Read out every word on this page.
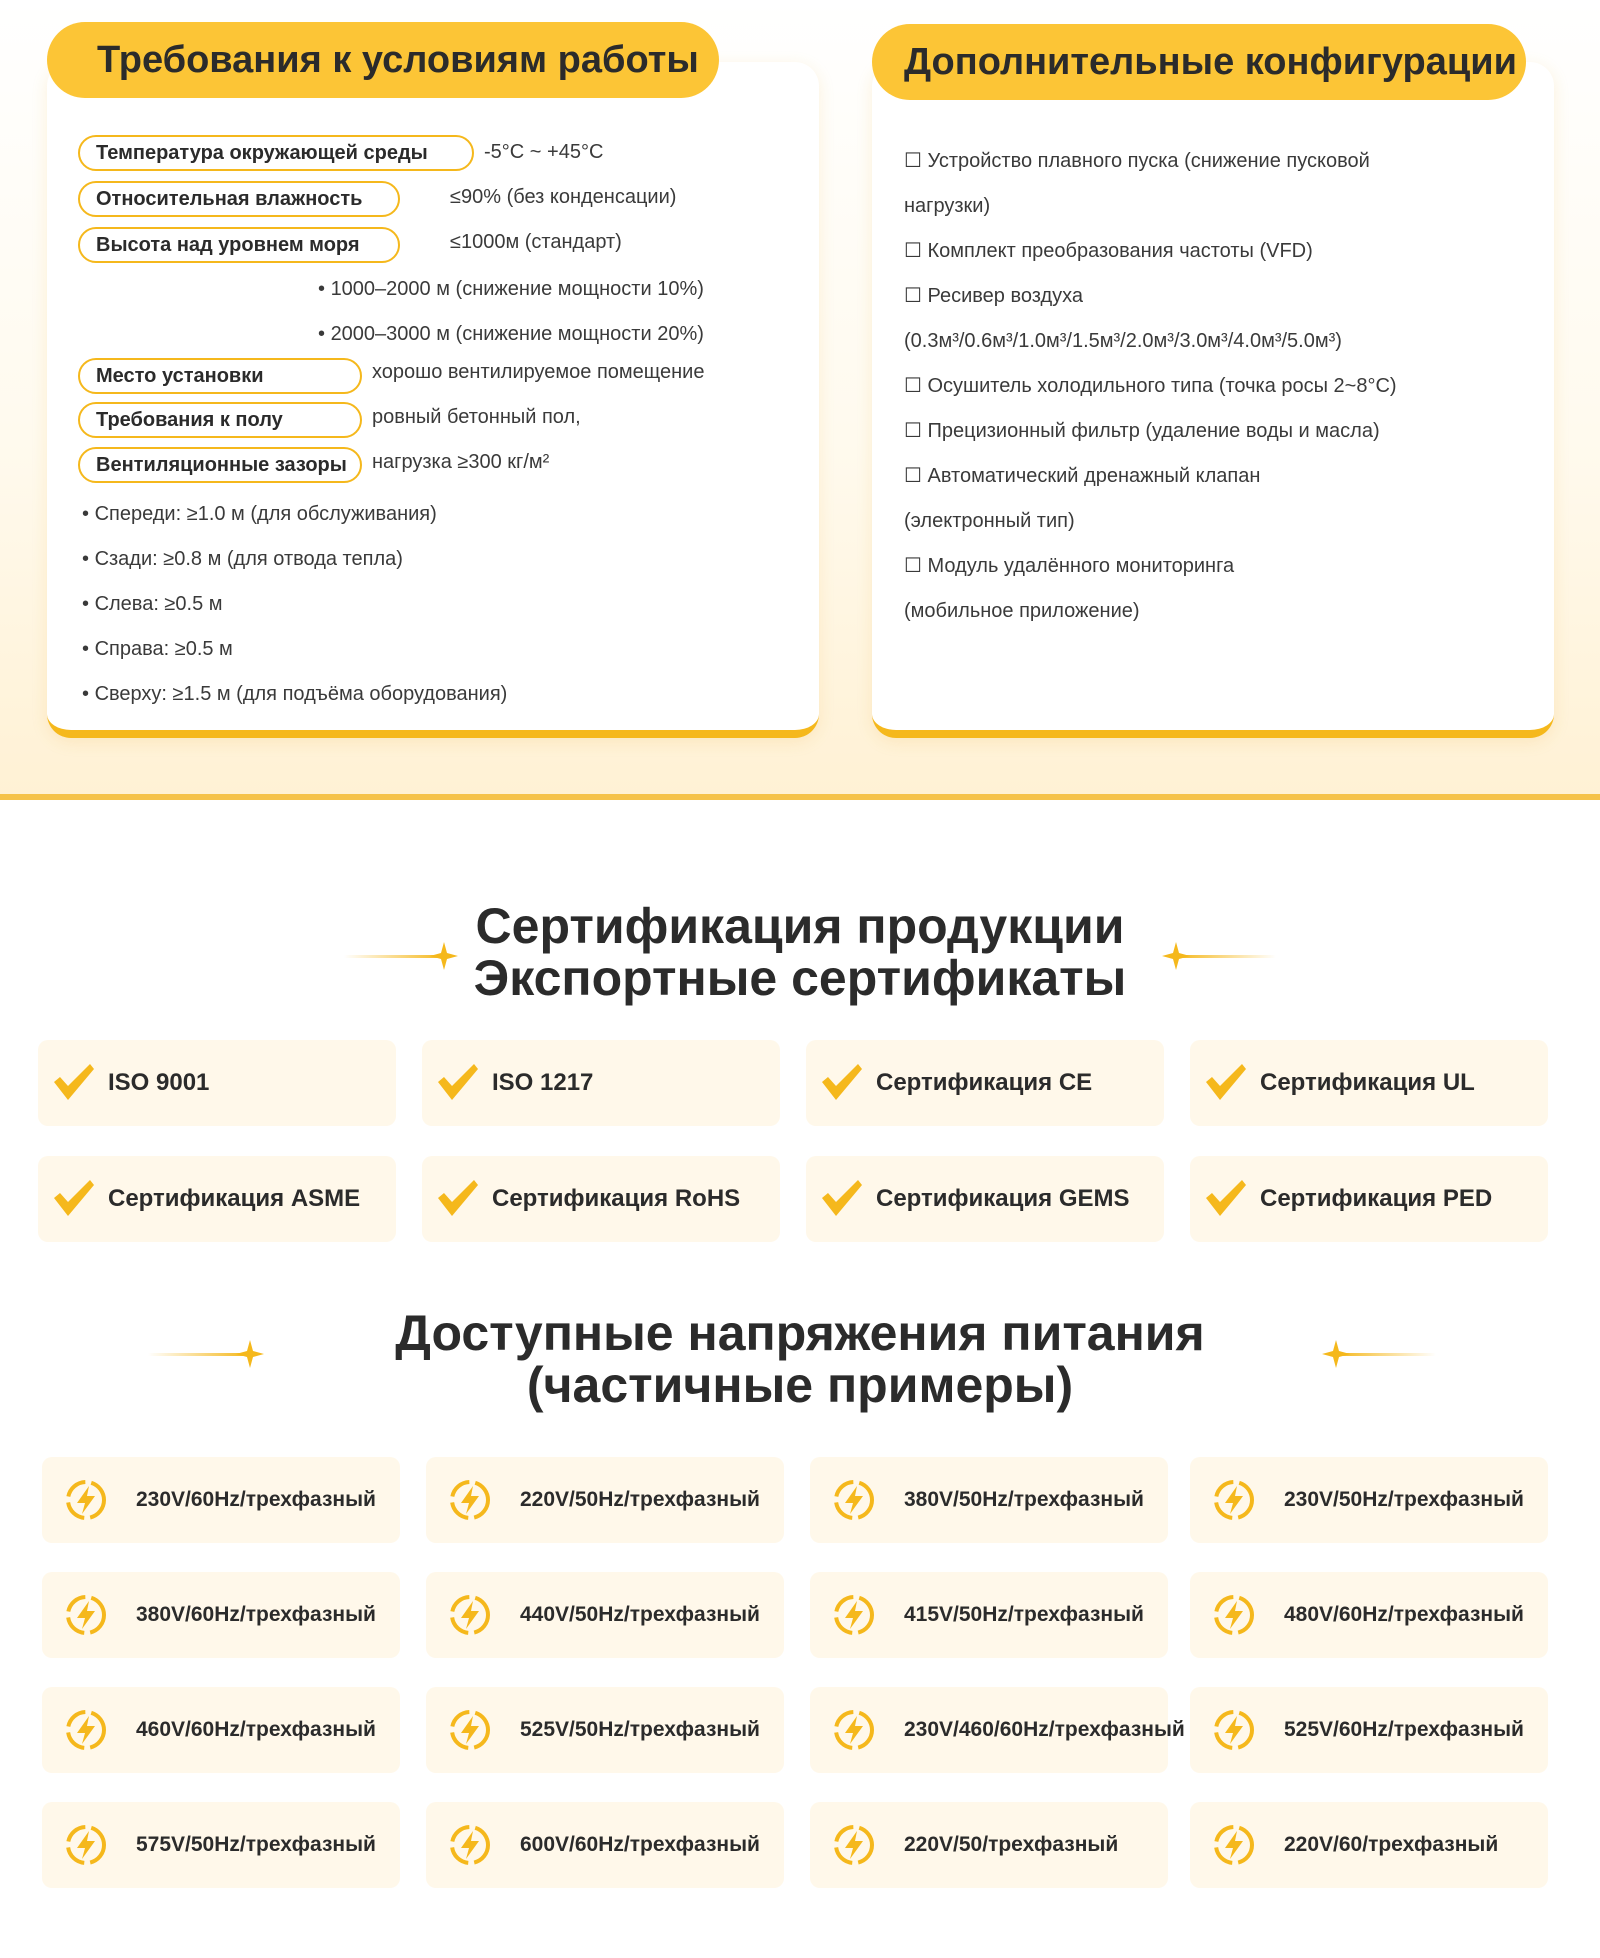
Требования к условиям работы
Температура окружающей среды	-5°C ~ +45°C
Относительная влажность	≤90% (без конденсации)
Высота над уровнем моря	≤1000м (стандарт)
• 1000–2000 м (снижение мощности 10%)
• 2000–3000 м (снижение мощности 20%)
Место установки	хорошо вентилируемое помещение
Требования к полу	ровный бетонный пол,
Вентиляционные зазоры	нагрузка ≥300 кг/м²
• Спереди: ≥1.0 м (для обслуживания)
• Сзади: ≥0.8 м (для отвода тепла)
• Слева: ≥0.5 м
• Справа: ≥0.5 м
• Сверху: ≥1.5 м (для подъёма оборудования)
Дополнительные конфигурации
☐ Устройство плавного пуска (снижение пусковой
нагрузки)
☐ Комплект преобразования частоты (VFD)
☐ Ресивер воздуха
(0.3м³/0.6м³/1.0м³/1.5м³/2.0м³/3.0м³/4.0м³/5.0м³)
☐ Осушитель холодильного типа (точка росы 2~8°C)
☐ Прецизионный фильтр (удаление воды и масла)
☐ Автоматический дренажный клапан
(электронный тип)
☐ Модуль удалённого мониторинга
(мобильное приложение)
Сертификация продукции
Экспортные сертификаты
ISO 9001	ISO 1217	Сертификация CE	Сертификация UL
Сертификация ASME	Сертификация RoHS	Сертификация GEMS	Сертификация PED
Доступные напряжения питания
(частичные примеры)
230V/60Hz/трехфазный	220V/50Hz/трехфазный	380V/50Hz/трехфазный	230V/50Hz/трехфазный
380V/60Hz/трехфазный	440V/50Hz/трехфазный	415V/50Hz/трехфазный	480V/60Hz/трехфазный
460V/60Hz/трехфазный	525V/50Hz/трехфазный	230V/460/60Hz/трехфазный	525V/60Hz/трехфазный
575V/50Hz/трехфазный	600V/60Hz/трехфазный	220V/50/трехфазный	220V/60/трехфазный
